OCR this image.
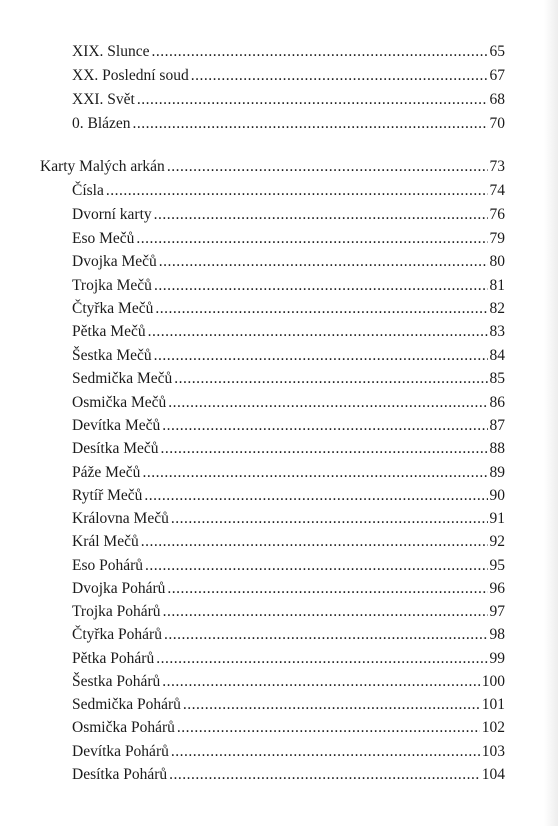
XIX. Slunce .....	65
XX. Poslední soud .....	67
XXI. Svět .....	68
0. Blázen .....	70
Karty Malých arkán .....	73
Čísla .....	74
Dvorní karty .....	76
Eso Mečů .....	79
Dvojka Mečů .....	80
Trojka Mečů .....	81
Čtyřka Mečů .....	82
Pětka Mečů .....	83
Šestka Mečů .....	84
Sedmička Mečů .....	85
Osmička Mečů .....	86
Devítka Mečů .....	87
Desítka Mečů .....	88
Páže Mečů .....	89
Rytíř Mečů .....	90
Královna Mečů .....	91
Král Mečů .....	92
Eso Pohárů .....	95
Dvojka Pohárů .....	96
Trojka Pohárů .....	97
Čtyřka Pohárů .....	98
Pětka Pohárů .....	99
Šestka Pohárů .....	100
Sedmička Pohárů .....	101
Osmička Pohárů .....	102
Devítka Pohárů .....	103
Desítka Pohárů .....	104
